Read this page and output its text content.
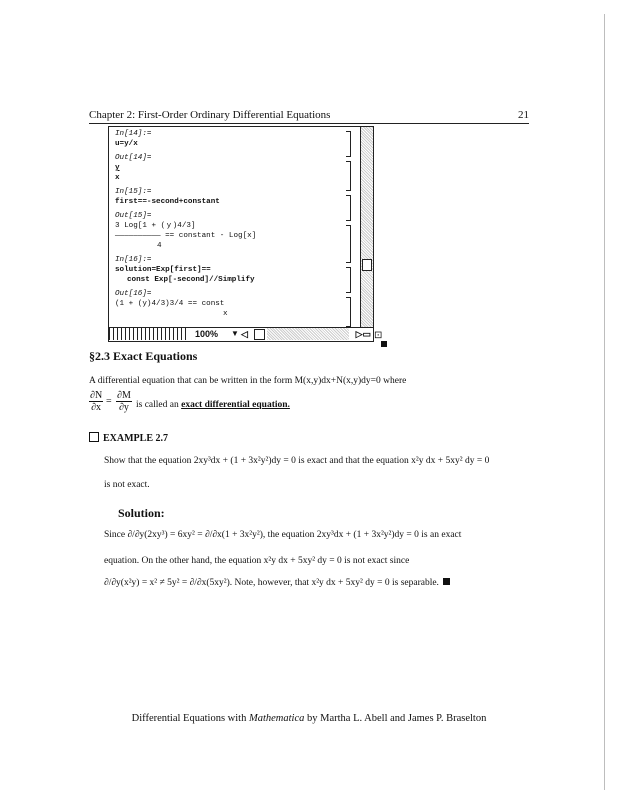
Chapter 2: First-Order Ordinary Differential Equations	21
In[14]:=
u=y/x
Out[14]=
y
x
In[15]:=
first==-second+constant
Out[15]=
3 Log[1 + ( y )4/3]
—————————— == constant - Log[x]
4
In[16]:=
solution=Exp[first]==
const Exp[-second]//Simplify
Out[16]=
(1 + (y)4/3)3/4 == const
x
100% ▼ ◁	▷▭ ⊡
§2.3 Exact Equations
A differential equation that can be written in the form M(x,y)dx+N(x,y)dy=0 where
$\frac{\partial N}{\partial x} = \frac{\partial M}{\partial y}$ is called an exact differential equation.
EXAMPLE 2.7
Show that the equation 2xy³dx + (1 + 3x²y²)dy = 0 is exact and that the equation x²y dx + 5xy² dy = 0
is not exact.
Solution:
Since ∂/∂y(2xy³) = 6xy² = ∂/∂x(1 + 3x²y²), the equation 2xy³dx + (1 + 3x²y²)dy = 0 is an exact
equation. On the other hand, the equation x²y dx + 5xy² dy = 0 is not exact since
∂/∂y(x²y) = x² ≠ 5y² = ∂/∂x(5xy²). Note, however, that x²y dx + 5xy² dy = 0 is separable.
Differential Equations with Mathematica by Martha L. Abell and James P. Braselton
